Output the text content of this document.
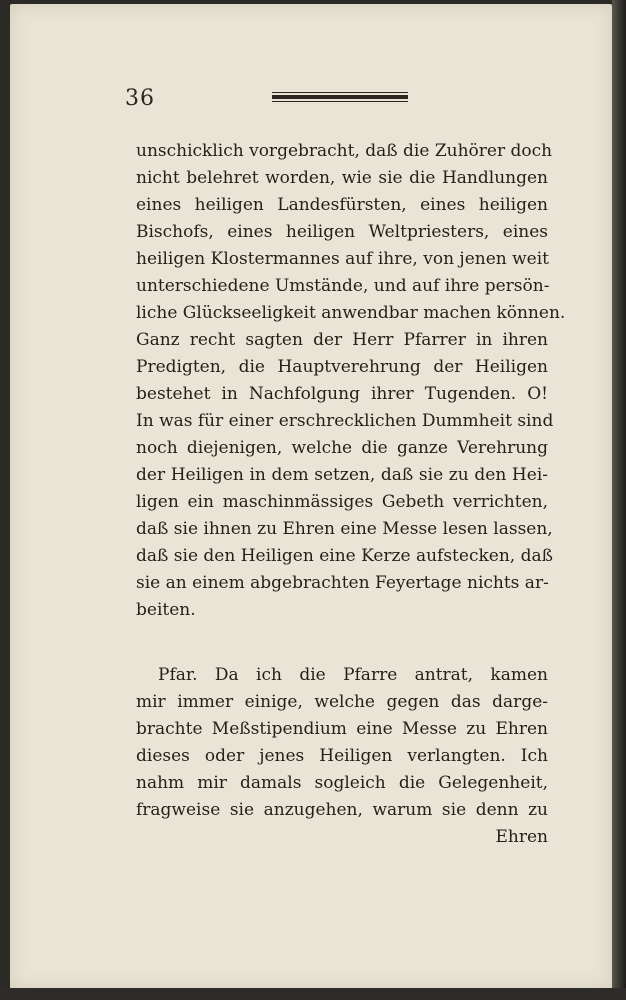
36
unschicklich vorgebracht, daß die Zuhörer doch
nicht belehret worden, wie sie die Handlungen
eines heiligen Landesfürsten, eines heiligen
Bischofs, eines heiligen Weltpriesters, eines
heiligen Klostermannes auf ihre, von jenen weit
unterschiedene Umstände, und auf ihre persön-
liche Glückseeligkeit anwendbar machen können.
Ganz recht sagten der Herr Pfarrer in ihren
Predigten, die Hauptverehrung der Heiligen
bestehet in Nachfolgung ihrer Tugenden. O!
In was für einer erschrecklichen Dummheit sind
noch diejenigen, welche die ganze Verehrung
der Heiligen in dem setzen, daß sie zu den Hei-
ligen ein maschinmässiges Gebeth verrichten,
daß sie ihnen zu Ehren eine Messe lesen lassen,
daß sie den Heiligen eine Kerze aufstecken, daß
sie an einem abgebrachten Feyertage nichts ar-
beiten.
Pfar. Da ich die Pfarre antrat, kamen
mir immer einige, welche gegen das darge-
brachte Meßstipendium eine Messe zu Ehren
dieses oder jenes Heiligen verlangten. Ich
nahm mir damals sogleich die Gelegenheit,
fragweise sie anzugehen, warum sie denn zu
Ehren
